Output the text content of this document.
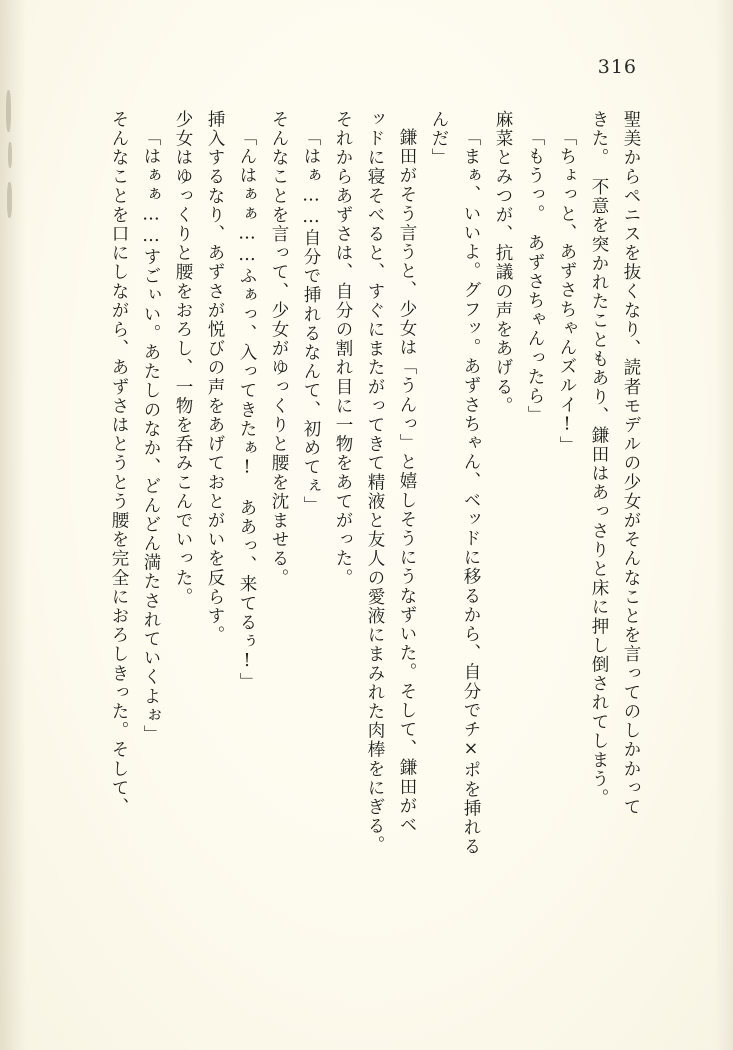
316
聖美からペニスを抜くなり、読者モデルの少女がそんなことを言ってのしかかって
きた。　不意を突かれたこともあり、鎌田はあっさりと床に押し倒されてしまう。
「ちょっと、あずさちゃんズルイ!」
「もうっ。　あずさちゃんったら」
麻菜とみつが、抗議の声をあげる。
「まぁ、いいよ。グフッ。あずさちゃん、ベッドに移るから、自分でチ×ポを挿れる
んだ」
鎌田がそう言うと、少女は「うんっ」と嬉しそうにうなずいた。そして、鎌田がベ
ッドに寝そべると、すぐにまたがってきて精液と友人の愛液にまみれた肉棒をにぎる。
それからあずさは、自分の割れ目に一物をあてがった。
「はぁ……自分で挿れるなんて、初めてぇ」
そんなことを言って、少女がゆっくりと腰を沈ませる。
「んはぁぁ……ふぁっ、入ってきたぁ!　ああっ、来てるぅ!」
挿入するなり、あずさが悦びの声をあげておとがいを反らす。
少女はゆっくりと腰をおろし、一物を呑みこんでいった。
「はぁぁ……すごぃい。あたしのなか、どんどん満たされていくよぉ」
そんなことを口にしながら、あずさはとうとう腰を完全におろしきった。そして、
